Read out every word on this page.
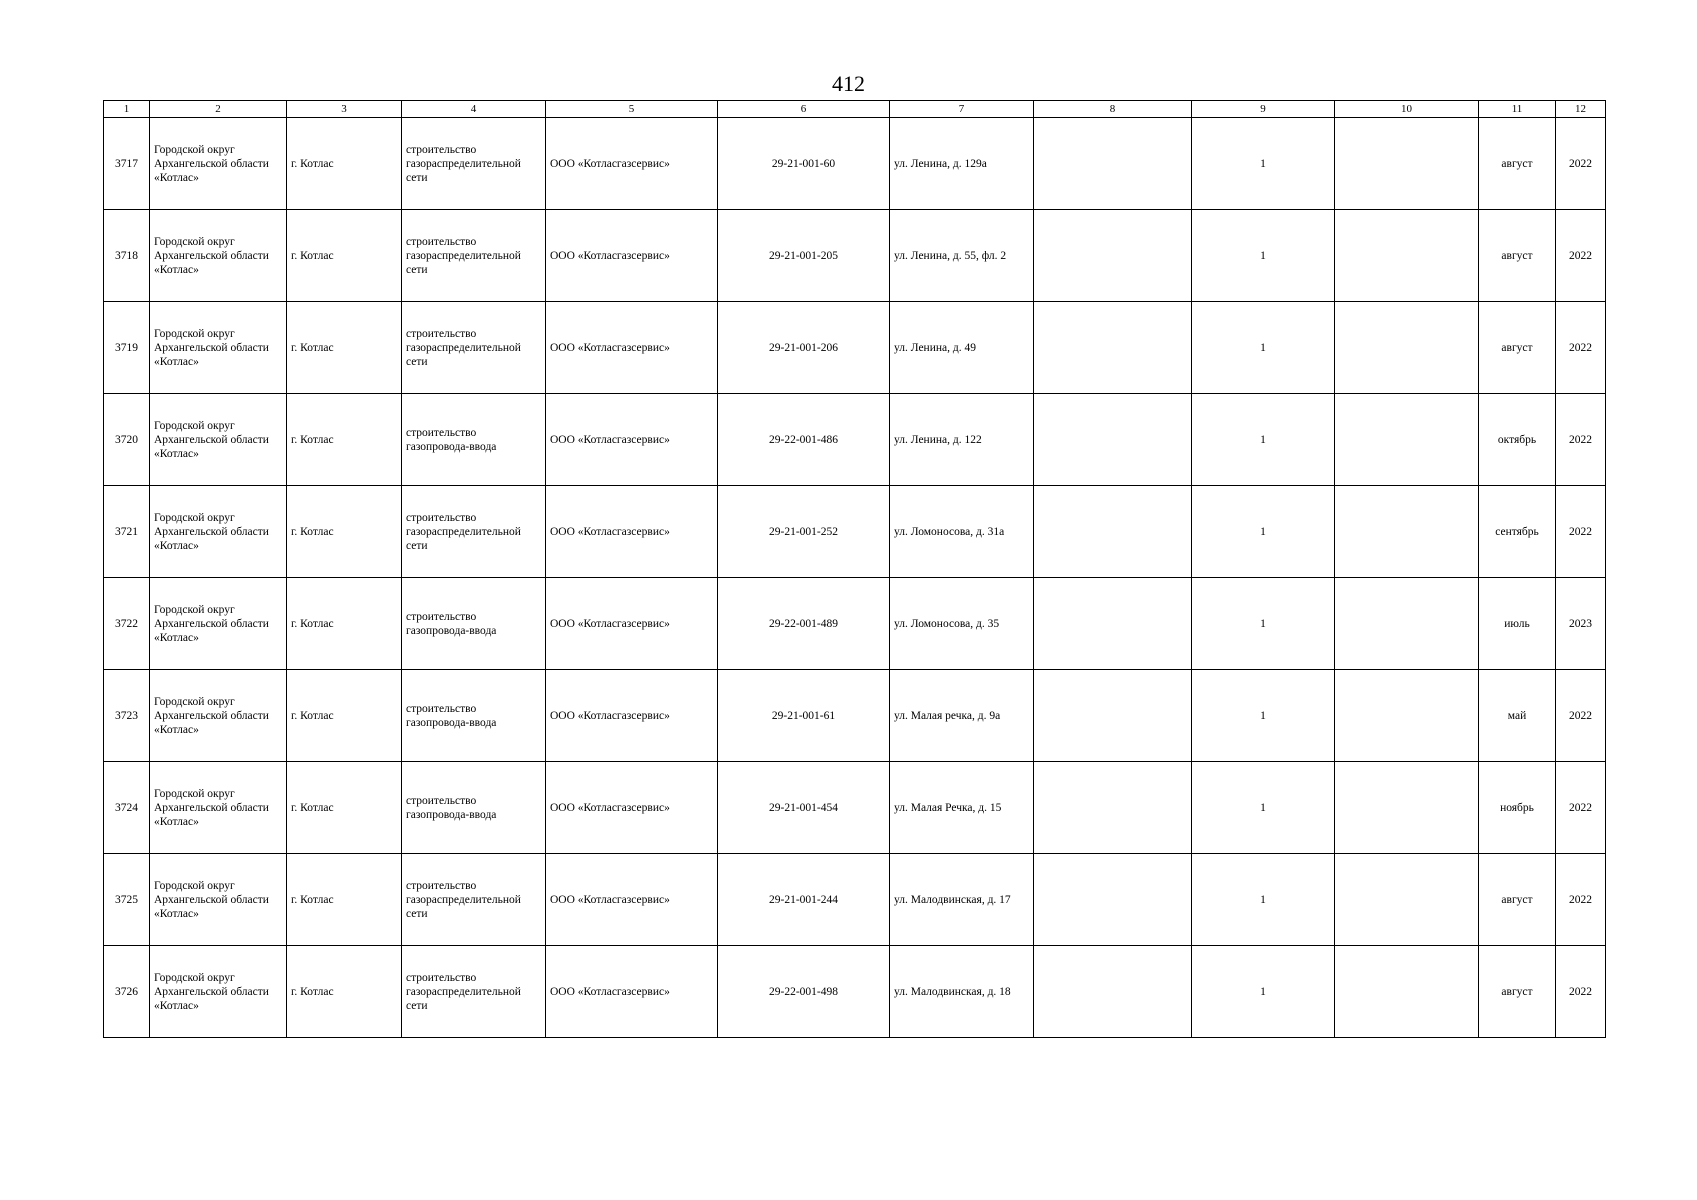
412
1	2	3	4	5	6	7	8	9	10	11	12
3717	Городской округ Архангельской области «Котлас»	г. Котлас	строительство газораспределительной сети	ООО «Котласгазсервис»	29-21-001-60	ул. Ленина, д. 129а		1		август	2022
3718	Городской округ Архангельской области «Котлас»	г. Котлас	строительство газораспределительной сети	ООО «Котласгазсервис»	29-21-001-205	ул. Ленина, д. 55, фл. 2		1		август	2022
3719	Городской округ Архангельской области «Котлас»	г. Котлас	строительство газораспределительной сети	ООО «Котласгазсервис»	29-21-001-206	ул. Ленина, д. 49		1		август	2022
3720	Городской округ Архангельской области «Котлас»	г. Котлас	строительство газопровода-ввода	ООО «Котласгазсервис»	29-22-001-486	ул. Ленина, д. 122		1		октябрь	2022
3721	Городской округ Архангельской области «Котлас»	г. Котлас	строительство газораспределительной сети	ООО «Котласгазсервис»	29-21-001-252	ул. Ломоносова, д. 31а		1		сентябрь	2022
3722	Городской округ Архангельской области «Котлас»	г. Котлас	строительство газопровода-ввода	ООО «Котласгазсервис»	29-22-001-489	ул. Ломоносова, д. 35		1		июль	2023
3723	Городской округ Архангельской области «Котлас»	г. Котлас	строительство газопровода-ввода	ООО «Котласгазсервис»	29-21-001-61	ул. Малая речка, д. 9а		1		май	2022
3724	Городской округ Архангельской области «Котлас»	г. Котлас	строительство газопровода-ввода	ООО «Котласгазсервис»	29-21-001-454	ул. Малая Речка, д. 15		1		ноябрь	2022
3725	Городской округ Архангельской области «Котлас»	г. Котлас	строительство газораспределительной сети	ООО «Котласгазсервис»	29-21-001-244	ул. Малодвинская, д. 17		1		август	2022
3726	Городской округ Архангельской области «Котлас»	г. Котлас	строительство газораспределительной сети	ООО «Котласгазсервис»	29-22-001-498	ул. Малодвинская, д. 18		1		август	2022
